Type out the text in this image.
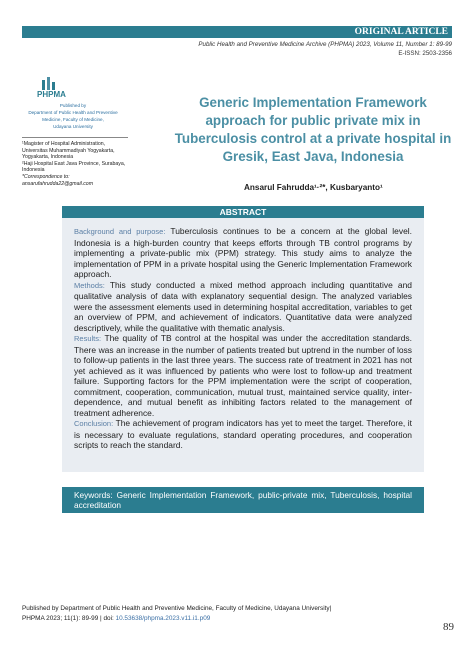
ORIGINAL ARTICLE
Public Health and Preventive Medicine Archive (PHPMA) 2023, Volume 11, Number 1: 89-99
E-ISSN: 2503-2356
PHPMA
Published by
Department of Public Health and Preventive
Medicine, Faculty of Medicine,
Udayana University
¹Magister of Hospital Administration,
Universitas Muhammadiyah Yogyakarta,
Yogyakarta, Indonesia
²Haji Hospital East Java Province, Surabaya,
Indonesia
*Correspondence to: ansarufahrudda22@gmail.com
Generic Implementation Framework approach for public private mix in Tuberculosis control at a private hospital in Gresik, East Java, Indonesia
Ansarul Fahrudda¹·²*, Kusbaryanto¹
ABSTRACT

Background and purpose: Tuberculosis continues to be a concern at the global level. Indonesia is a high-burden country that keeps efforts through TB control programs by implementing a private-public mix (PPM) strategy. This study aims to analyze the implementation of PPM in a private hospital using the Generic Implementation Framework approach.

Methods: This study conducted a mixed method approach including quantitative and qualitative analysis of data with explanatory sequential design. The analyzed variables were the assessment elements used in determining hospital accreditation, variables to get an overview of PPM, and achievement of indicators. Quantitative data were analyzed descriptively, while the qualitative with thematic analysis.

Results: The quality of TB control at the hospital was under the accreditation standards. There was an increase in the number of patients treated but uptrend in the number of loss to follow-up patients in the last three years. The success rate of treatment in 2021 has not yet achieved as it was influenced by patients who were lost to follow-up and treatment failure. Supporting factors for the PPM implementation were the script of cooperation, commitment, cooperation, communication, mutual trust, maintained service quality, inter-dependence, and mutual benefit as inhibiting factors related to the management of treatment adherence.

Conclusion: The achievement of program indicators has yet to meet the target. Therefore, it is necessary to evaluate regulations, standard operating procedures, and cooperation scripts to reach the standard.

Keywords: Generic Implementation Framework, public-private mix, Tuberculosis, hospital accreditation
Published by Department of Public Health and Preventive Medicine, Faculty of Medicine, Udayana University|
PHPMA 2023; 11(1): 89-99 | doi: 10.53638/phpma.2023.v11.i1.p09
89
